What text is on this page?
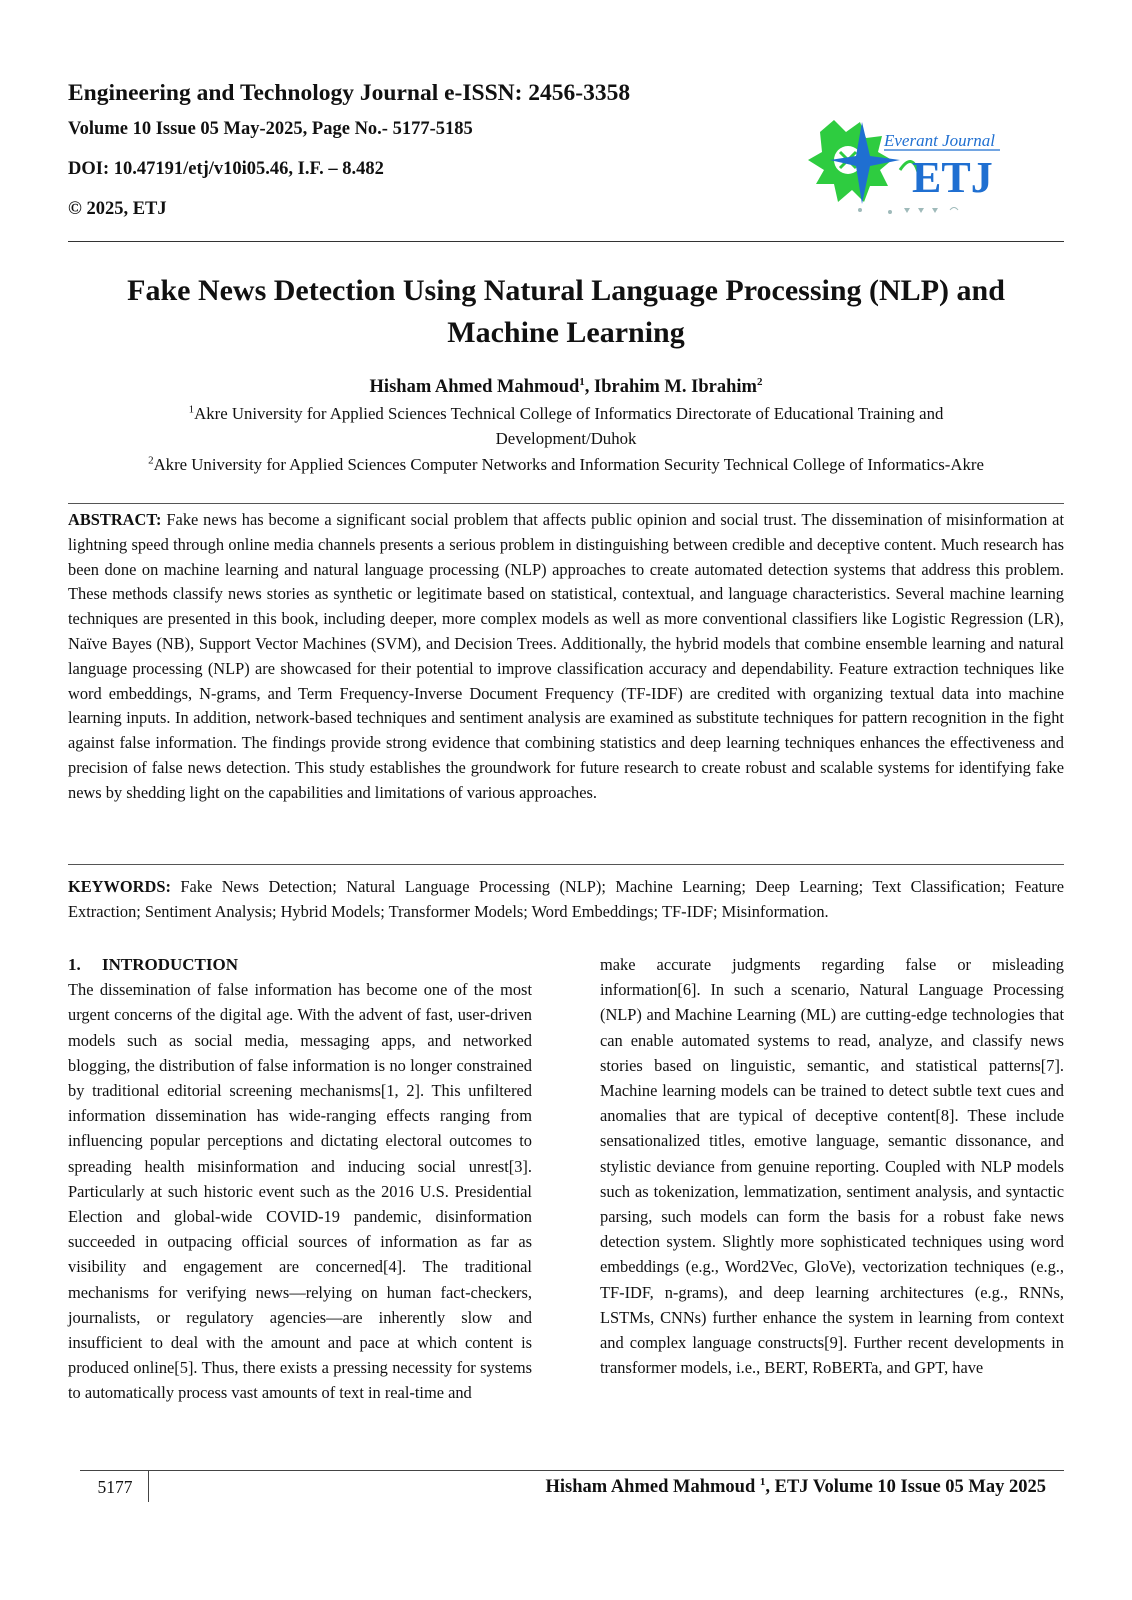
Engineering and Technology Journal e-ISSN: 2456-3358
Volume 10 Issue 05 May-2025, Page No.- 5177-5185
DOI: 10.47191/etj/v10i05.46, I.F. – 8.482
© 2025, ETJ
Everant Journal
ETJ
Fake News Detection Using Natural Language Processing (NLP) and
Machine Learning
Hisham Ahmed Mahmoud$^1$, Ibrahim M. Ibrahim$^2$
$^1$Akre University for Applied Sciences Technical College of Informatics Directorate of Educational Training and
Development/Duhok
$^2$Akre University for Applied Sciences Computer Networks and Information Security Technical College of Informatics-Akre
ABSTRACT: Fake news has become a significant social problem that affects public opinion and social trust. The dissemination of misinformation at lightning speed through online media channels presents a serious problem in distinguishing between credible and deceptive content. Much research has been done on machine learning and natural language processing (NLP) approaches to create automated detection systems that address this problem. These methods classify news stories as synthetic or legitimate based on statistical, contextual, and language characteristics. Several machine learning techniques are presented in this book, including deeper, more complex models as well as more conventional classifiers like Logistic Regression (LR), Naïve Bayes (NB), Support Vector Machines (SVM), and Decision Trees. Additionally, the hybrid models that combine ensemble learning and natural language processing (NLP) are showcased for their potential to improve classification accuracy and dependability. Feature extraction techniques like word embeddings, N-grams, and Term Frequency-Inverse Document Frequency (TF-IDF) are credited with organizing textual data into machine learning inputs. In addition, network-based techniques and sentiment analysis are examined as substitute techniques for pattern recognition in the fight against false information. The findings provide strong evidence that combining statistics and deep learning techniques enhances the effectiveness and precision of false news detection. This study establishes the groundwork for future research to create robust and scalable systems for identifying fake news by shedding light on the capabilities and limitations of various approaches.
KEYWORDS: Fake News Detection; Natural Language Processing (NLP); Machine Learning; Deep Learning; Text Classification; Feature Extraction; Sentiment Analysis; Hybrid Models; Transformer Models; Word Embeddings; TF-IDF; Misinformation.
1. INTRODUCTION

The dissemination of false information has become one of the most urgent concerns of the digital age. With the advent of fast, user-driven models such as social media, messaging apps, and networked blogging, the distribution of false information is no longer constrained by traditional editorial screening mechanisms[1, 2]. This unfiltered information dissemination has wide-ranging effects ranging from influencing popular perceptions and dictating electoral outcomes to spreading health misinformation and inducing social unrest[3]. Particularly at such historic event such as the 2016 U.S. Presidential Election and global-wide COVID-19 pandemic, disinformation succeeded in outpacing official sources of information as far as visibility and engagement are concerned[4]. The traditional mechanisms for verifying news—relying on human fact-checkers, journalists, or regulatory agencies—are inherently slow and insufficient to deal with the amount and pace at which content is produced online[5]. Thus, there exists a pressing necessity for systems to automatically process vast amounts of text in real-time and

make accurate judgments regarding false or misleading information[6]. In such a scenario, Natural Language Processing (NLP) and Machine Learning (ML) are cutting-edge technologies that can enable automated systems to read, analyze, and classify news stories based on linguistic, semantic, and statistical patterns[7]. Machine learning models can be trained to detect subtle text cues and anomalies that are typical of deceptive content[8]. These include sensationalized titles, emotive language, semantic dissonance, and stylistic deviance from genuine reporting. Coupled with NLP models such as tokenization, lemmatization, sentiment analysis, and syntactic parsing, such models can form the basis for a robust fake news detection system. Slightly more sophisticated techniques using word embeddings (e.g., Word2Vec, GloVe), vectorization techniques (e.g., TF-IDF, n-grams), and deep learning architectures (e.g., RNNs, LSTMs, CNNs) further enhance the system in learning from context and complex language constructs[9]. Further recent developments in transformer models, i.e., BERT, RoBERTa, and GPT, have

5177	Hisham Ahmed Mahmoud $^1$, ETJ Volume 10 Issue 05 May 2025
